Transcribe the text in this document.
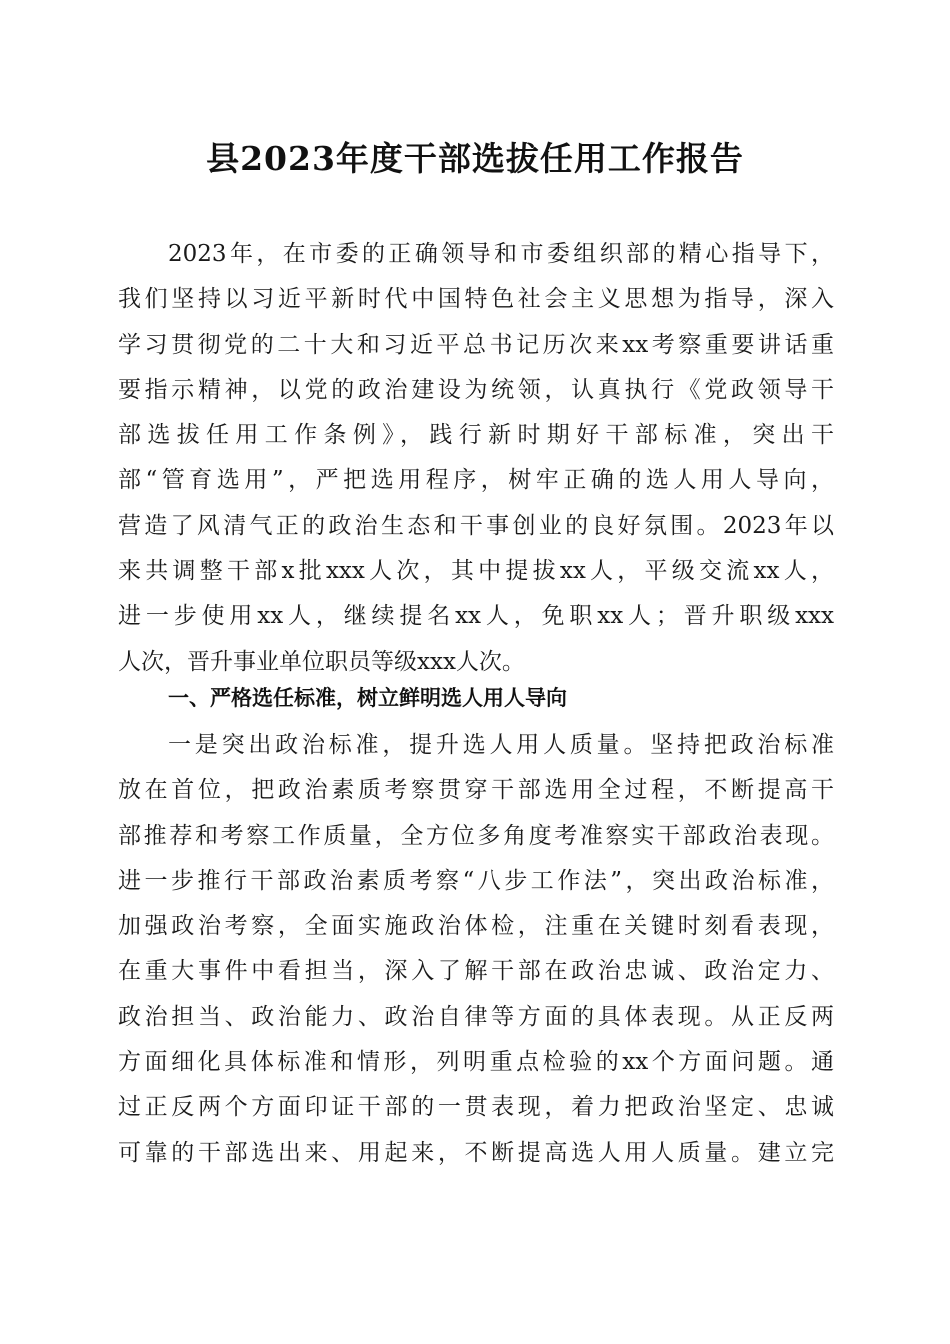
县2023年度干部选拔任用工作报告
2023年，在市委的正确领导和市委组织部的精心指导下，
我们坚持以习近平新时代中国特色社会主义思想为指导，深入
学习贯彻党的二十大和习近平总书记历次来xx考察重要讲话重
要指示精神，以党的政治建设为统领，认真执行《党政领导干
部选拔任用工作条例》，践行新时期好干部标准，突出干
部“管育选用”，严把选用程序，树牢正确的选人用人导向，
营造了风清气正的政治生态和干事创业的良好氛围。2023年以
来共调整干部x批xxx人次，其中提拔xx人，平级交流xx人，
进一步使用xx人，继续提名xx人，免职xx人；晋升职级xxx
人次，晋升事业单位职员等级xxx人次。
一、严格选任标准，树立鲜明选人用人导向
一是突出政治标准，提升选人用人质量。坚持把政治标准
放在首位，把政治素质考察贯穿干部选用全过程，不断提高干
部推荐和考察工作质量，全方位多角度考准察实干部政治表现。
进一步推行干部政治素质考察“八步工作法”，突出政治标准，
加强政治考察，全面实施政治体检，注重在关键时刻看表现，
在重大事件中看担当，深入了解干部在政治忠诚、政治定力、
政治担当、政治能力、政治自律等方面的具体表现。从正反两
方面细化具体标准和情形，列明重点检验的xx个方面问题。通
过正反两个方面印证干部的一贯表现，着力把政治坚定、忠诚
可靠的干部选出来、用起来，不断提高选人用人质量。建立完
